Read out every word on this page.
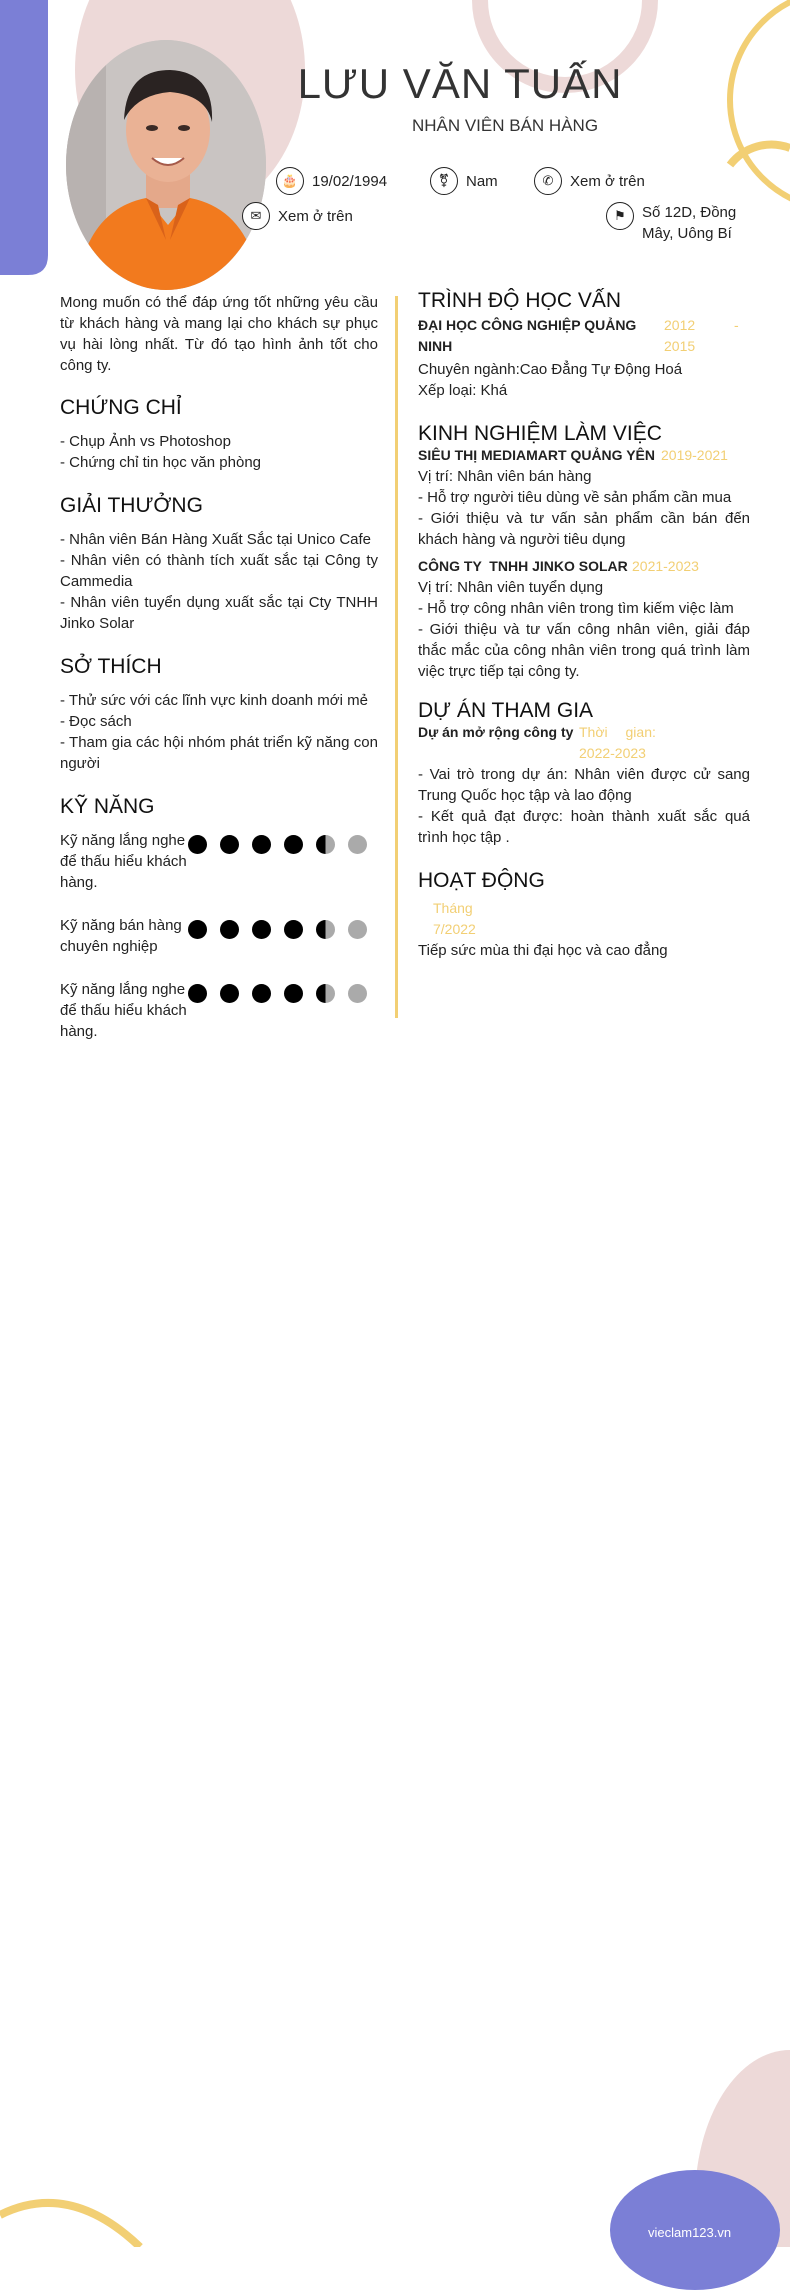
LƯU VĂN TUẤN
NHÂN VIÊN BÁN HÀNG
🎂 19/02/1994	⚧	Nam	✆	Xem ở trên
✉	Xem ở trên	⚑	Số 12D, Đồng
Mây, Uông Bí
Mong muốn có thể đáp ứng tốt những yêu cầu từ khách hàng và mang lại cho khách sự phục vụ hài lòng nhất. Từ đó tạo hình ảnh tốt cho công ty.
CHỨNG CHỈ
- Chụp Ảnh vs Photoshop
- Chứng chỉ tin học văn phòng
GIẢI THƯỞNG
- Nhân viên Bán Hàng Xuất Sắc tại Unico Cafe
- Nhân viên có thành tích xuất sắc tại Công ty Cammedia
- Nhân viên tuyển dụng xuất sắc tại Cty TNHH Jinko Solar
SỞ THÍCH
- Thử sức với các lĩnh vực kinh doanh mới mẻ
- Đọc sách
- Tham gia các hội nhóm phát triển kỹ năng con người
KỸ NĂNG
Kỹ năng lắng nghe để thấu hiểu khách hàng.
Kỹ năng bán hàng chuyên nghiệp
Kỹ năng lắng nghe để thấu hiểu khách hàng.
TRÌNH ĐỘ HỌC VẤN
ĐẠI HỌC CÔNG NGHIỆP QUẢNG NINH
2012	-
2015
Chuyên ngành:Cao Đẳng Tự Động Hoá
Xếp loại: Khá
KINH NGHIỆM LÀM VIỆC
SIÊU THỊ MEDIAMART QUẢNG YÊN 2019-2021
Vị trí: Nhân viên bán hàng
- Hỗ trợ người tiêu dùng về sản phẩm cần mua
- Giới thiệu và tư vấn sản phẩm cần bán đến khách hàng và người tiêu dụng
CÔNG TY  TNHH JINKO SOLAR 2021-2023
Vị trí: Nhân viên tuyển dụng
- Hỗ trợ công nhân viên trong tìm kiếm việc làm
- Giới thiệu và tư vấn công nhân viên, giải đáp thắc mắc của công nhân viên trong quá trình làm việc trực tiếp tại công ty.
DỰ ÁN THAM GIA
Dự án mở rộng công ty Thời gian:
2022-2023
- Vai trò trong dự án: Nhân viên được cử sang Trung Quốc học tập và lao động
- Kết quả đạt được: hoàn thành xuất sắc quá trình học tập .
HOẠT ĐỘNG
Tháng
7/2022
Tiếp sức mùa thi đại học và cao đẳng
vieclam123.vn
